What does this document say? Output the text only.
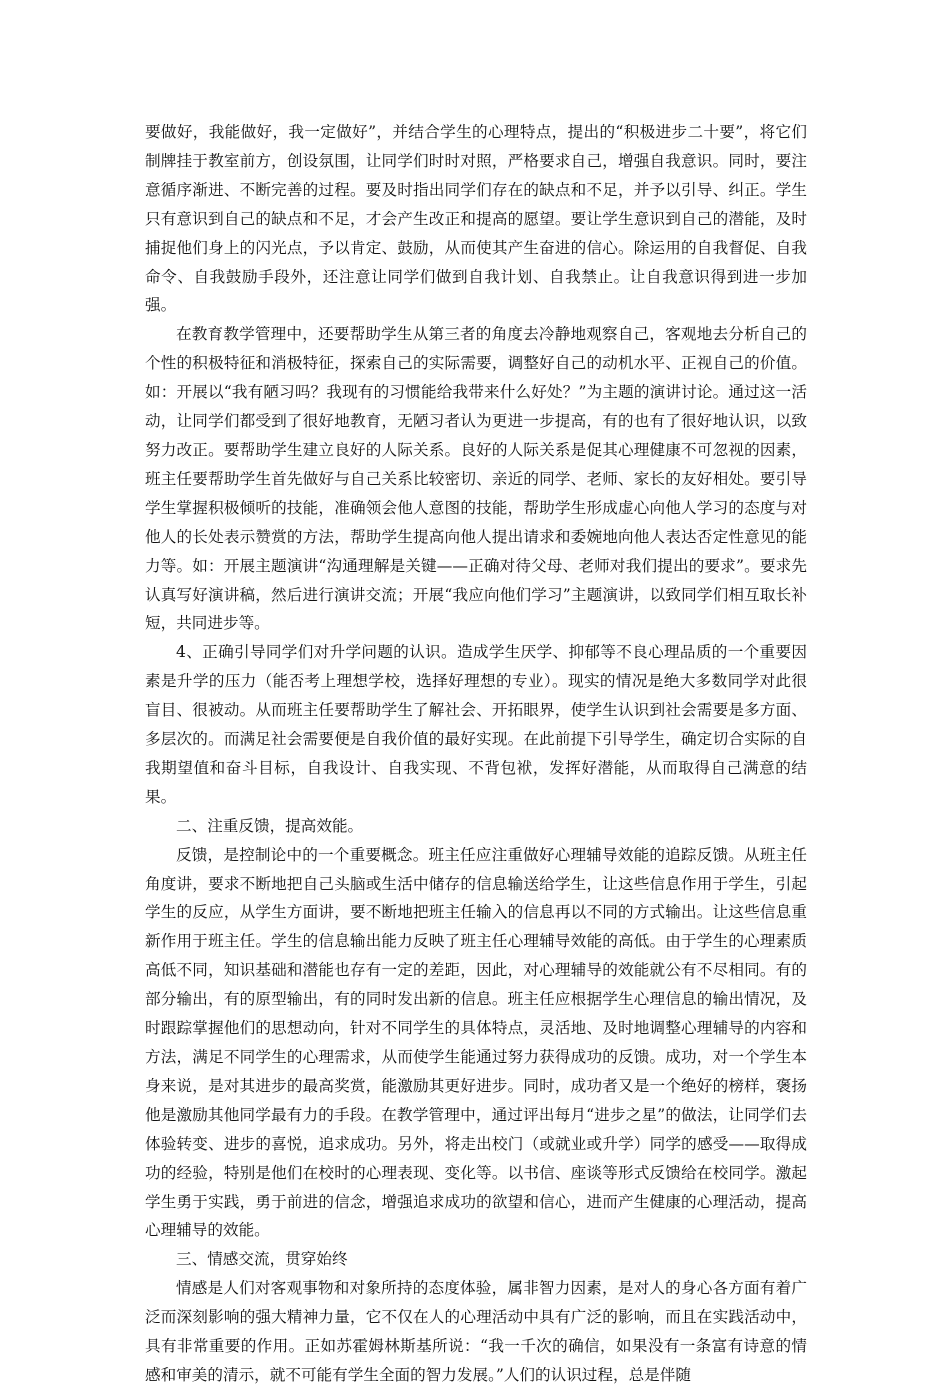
要做好，我能做好，我一定做好”，并结合学生的心理特点，提出的“积极进步二十要”，将它们制牌挂于教室前方，创设氛围，让同学们时时对照，严格要求自己，增强自我意识。同时，要注意循序渐进、不断完善的过程。要及时指出同学们存在的缺点和不足，并予以引导、纠正。学生只有意识到自己的缺点和不足，才会产生改正和提高的愿望。要让学生意识到自己的潜能，及时捕捉他们身上的闪光点，予以肯定、鼓励，从而使其产生奋进的信心。除运用的自我督促、自我命令、自我鼓励手段外，还注意让同学们做到自我计划、自我禁止。让自我意识得到进一步加强。

在教育教学管理中，还要帮助学生从第三者的角度去冷静地观察自己，客观地去分析自己的个性的积极特征和消极特征，探索自己的实际需要，调整好自己的动机水平、正视自己的价值。如：开展以“我有陋习吗？我现有的习惯能给我带来什么好处？”为主题的演讲讨论。通过这一活动，让同学们都受到了很好地教育，无陋习者认为更进一步提高，有的也有了很好地认识，以致努力改正。要帮助学生建立良好的人际关系。良好的人际关系是促其心理健康不可忽视的因素，班主任要帮助学生首先做好与自己关系比较密切、亲近的同学、老师、家长的友好相处。要引导学生掌握积极倾听的技能，准确领会他人意图的技能，帮助学生形成虚心向他人学习的态度与对他人的长处表示赞赏的方法，帮助学生提高向他人提出请求和委婉地向他人表达否定性意见的能力等。如：开展主题演讲“沟通理解是关键——正确对待父母、老师对我们提出的要求”。要求先认真写好演讲稿，然后进行演讲交流；开展“我应向他们学习”主题演讲，以致同学们相互取长补短，共同进步等。

4、正确引导同学们对升学问题的认识。造成学生厌学、抑郁等不良心理品质的一个重要因素是升学的压力（能否考上理想学校，选择好理想的专业）。现实的情况是绝大多数同学对此很盲目、很被动。从而班主任要帮助学生了解社会、开拓眼界，使学生认识到社会需要是多方面、多层次的。而满足社会需要便是自我价值的最好实现。在此前提下引导学生，确定切合实际的自我期望值和奋斗目标，自我设计、自我实现、不背包袱，发挥好潜能，从而取得自己满意的结果。

二、注重反馈，提高效能。

反馈，是控制论中的一个重要概念。班主任应注重做好心理辅导效能的追踪反馈。从班主任角度讲，要求不断地把自己头脑或生活中储存的信息输送给学生，让这些信息作用于学生，引起学生的反应，从学生方面讲，要不断地把班主任输入的信息再以不同的方式输出。让这些信息重新作用于班主任。学生的信息输出能力反映了班主任心理辅导效能的高低。由于学生的心理素质高低不同，知识基础和潜能也存有一定的差距，因此，对心理辅导的效能就公有不尽相同。有的部分输出，有的原型输出，有的同时发出新的信息。班主任应根据学生心理信息的输出情况，及时跟踪掌握他们的思想动向，针对不同学生的具体特点，灵活地、及时地调整心理辅导的内容和方法，满足不同学生的心理需求，从而使学生能通过努力获得成功的反馈。成功，对一个学生本身来说，是对其进步的最高奖赏，能激励其更好进步。同时，成功者又是一个绝好的榜样，褒扬他是激励其他同学最有力的手段。在教学管理中，通过评出每月“进步之星”的做法，让同学们去体验转变、进步的喜悦，追求成功。另外，将走出校门（或就业或升学）同学的感受——取得成功的经验，特别是他们在校时的心理表现、变化等。以书信、座谈等形式反馈给在校同学。激起学生勇于实践，勇于前进的信念，增强追求成功的欲望和信心，进而产生健康的心理活动，提高心理辅导的效能。

三、情感交流，贯穿始终

情感是人们对客观事物和对象所持的态度体验，属非智力因素，是对人的身心各方面有着广泛而深刻影响的强大精神力量，它不仅在人的心理活动中具有广泛的影响，而且在实践活动中，具有非常重要的作用。正如苏霍姆林斯基所说：“我一千次的确信，如果没有一条富有诗意的情感和审美的清示，就不可能有学生全面的智力发展。”人们的认识过程，总是伴随
